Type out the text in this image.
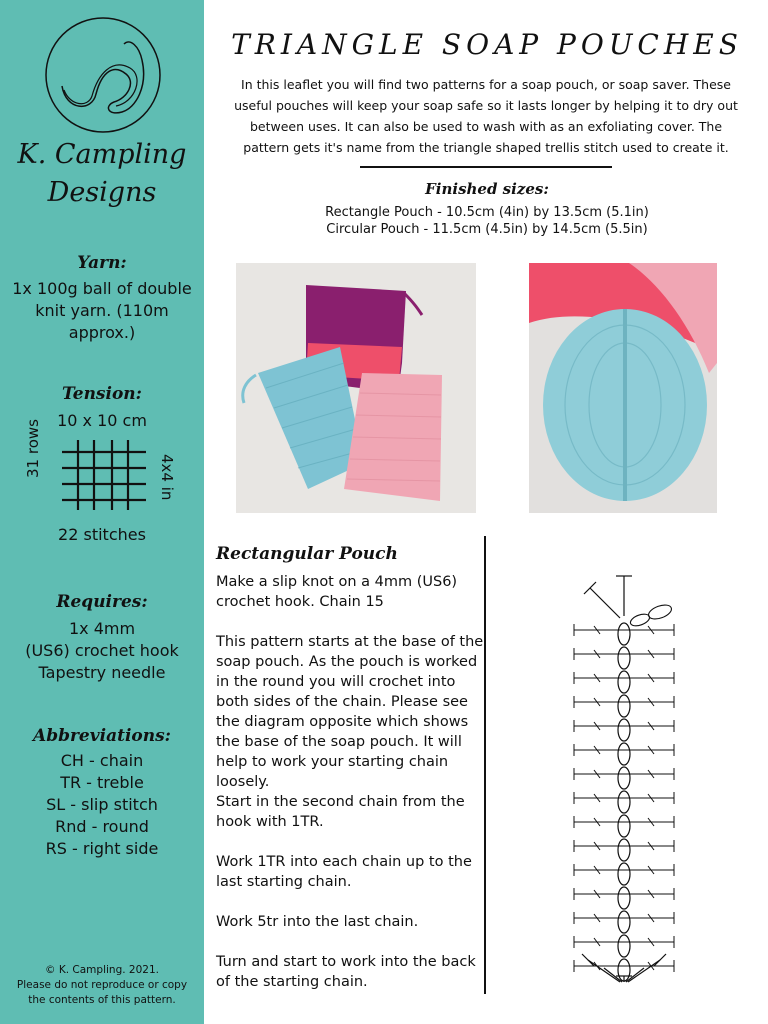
K. Campling
Designs
Yarn:
1x 100g ball of double knit yarn. (110m approx.)
Tension:
10 x 10 cm
31 rows	4x4 in
22 stitches
Requires:
1x 4mm
(US6) crochet hook
Tapestry needle
Abbreviations:
CH - chain
TR - treble
SL - slip stitch
Rnd - round
RS - right side
© K. Campling. 2021.
Please do not reproduce or copy
the contents of this pattern.
TRIANGLE SOAP POUCHES

In this leaflet you will find two patterns for a soap pouch, or soap saver. These useful pouches will keep your soap safe so it lasts longer by helping it to dry out between uses. It can also be used to wash with as an exfoliating cover. The pattern gets it's name from the triangle shaped trellis stitch used to create it.

Finished sizes:
Rectangle Pouch - 10.5cm (4in) by 13.5cm (5.1in)
Circular Pouch - 11.5cm (4.5in) by 14.5cm (5.5in)
Rectangular Pouch
Make a slip knot on a 4mm (US6) crochet hook. Chain 15
This pattern starts at the base of the soap pouch. As the pouch is worked in the round you will crochet into both sides of the chain. Please see the diagram opposite which shows the base of the soap pouch. It will help to work your starting chain loosely.
Start in the second chain from the hook with 1TR.
Work 1TR into each chain up to the last starting chain.
Work 5tr into the last chain.
Turn and start to work into the back of the starting chain.
